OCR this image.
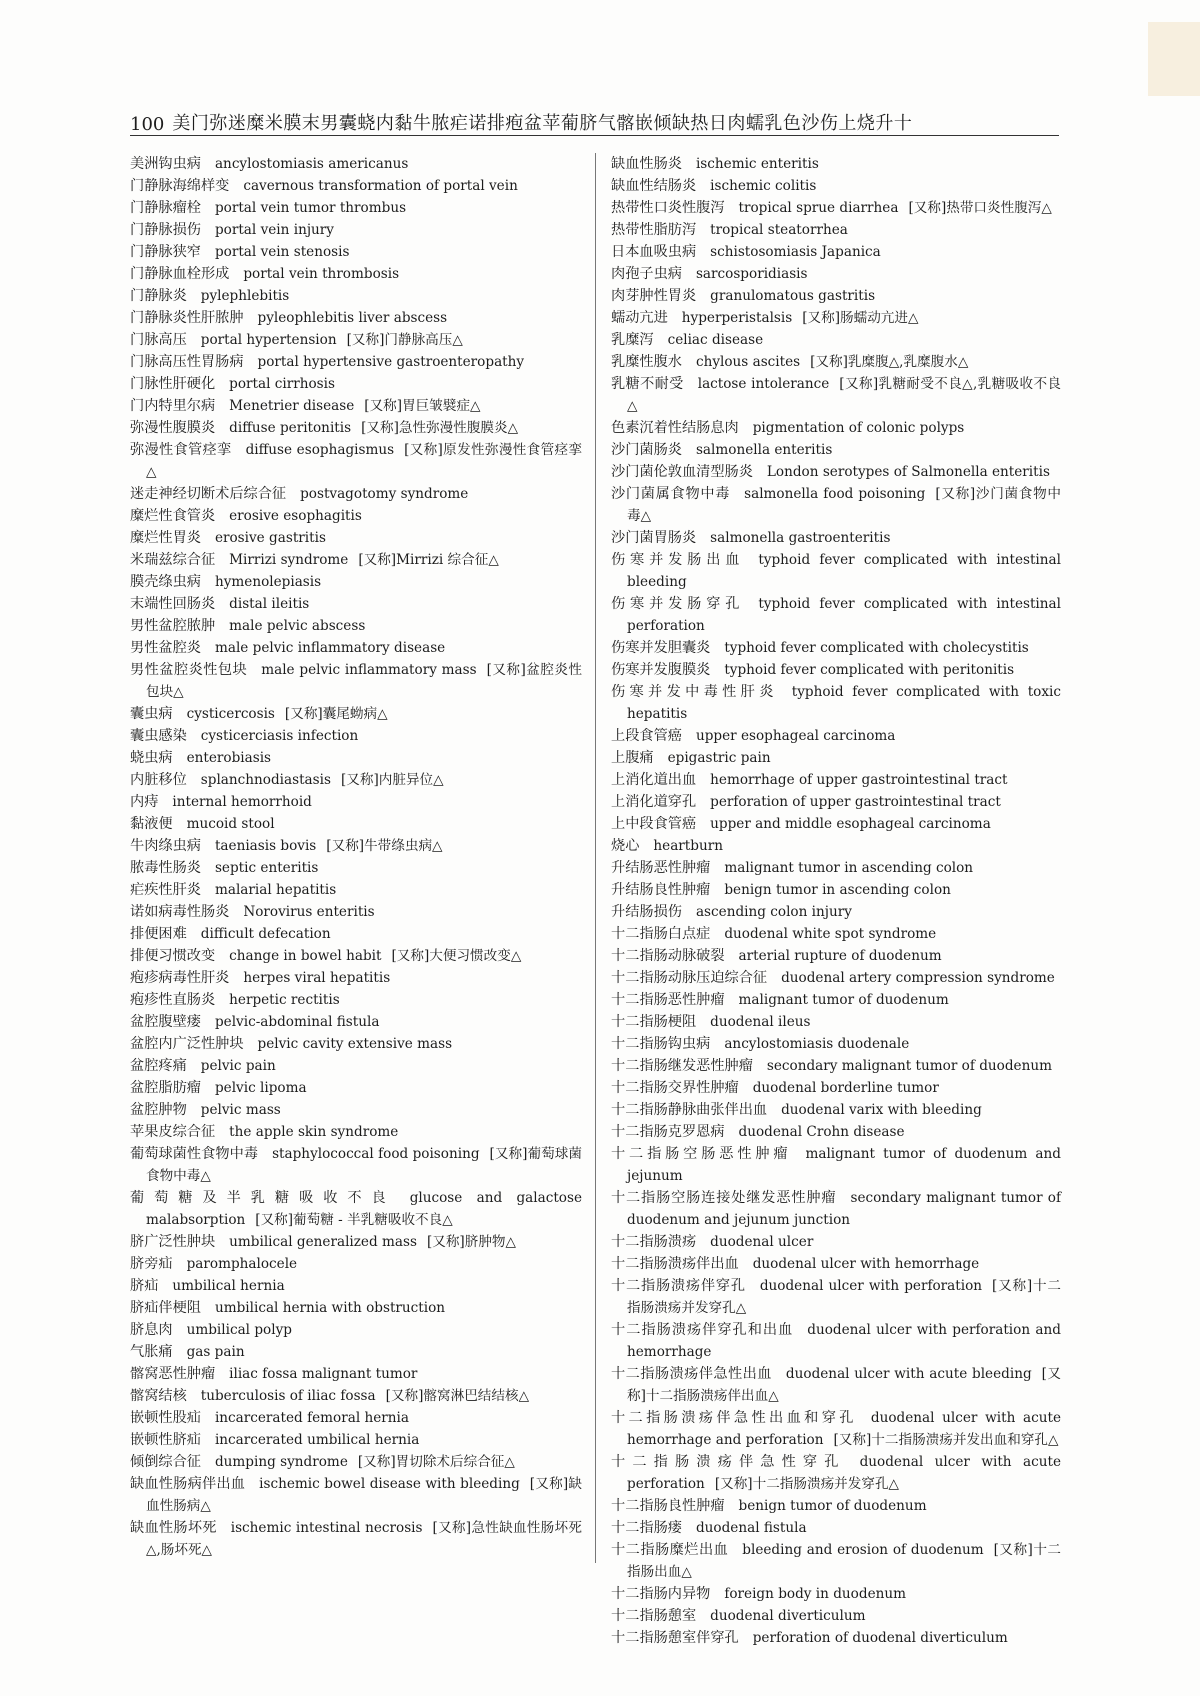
100 美门弥迷糜米膜末男囊蛲内黏牛脓疟诺排疱盆苹葡脐气髂嵌倾缺热日肉蠕乳色沙伤上烧升十
美洲钩虫病 ancylostomiasis americanus
门静脉海绵样变 cavernous transformation of portal vein
门静脉瘤栓 portal vein tumor thrombus
门静脉损伤 portal vein injury
门静脉狭窄 portal vein stenosis
门静脉血栓形成 portal vein thrombosis
门静脉炎 pylephlebitis
门静脉炎性肝脓肿 pyleophlebitis liver abscess
门脉高压 portal hypertension [又称]门静脉高压△
门脉高压性胃肠病 portal hypertensive gastroenteropathy
门脉性肝硬化 portal cirrhosis
门内特里尔病 Menetrier disease [又称]胃巨皱襞症△
弥漫性腹膜炎 diffuse peritonitis [又称]急性弥漫性腹膜炎△
弥漫性食管痉挛 diffuse esophagismus [又称]原发性弥漫性食管痉挛△
迷走神经切断术后综合征 postvagotomy syndrome
糜烂性食管炎 erosive esophagitis
糜烂性胃炎 erosive gastritis
米瑞兹综合征 Mirrizi syndrome [又称]Mirrizi 综合征△
膜壳绦虫病 hymenolepiasis
末端性回肠炎 distal ileitis
男性盆腔脓肿 male pelvic abscess
男性盆腔炎 male pelvic inflammatory disease
男性盆腔炎性包块 male pelvic inflammatory mass [又称]盆腔炎性包块△
囊虫病 cysticercosis [又称]囊尾蚴病△
囊虫感染 cysticerciasis infection
蛲虫病 enterobiasis
内脏移位 splanchnodiastasis [又称]内脏异位△
内痔 internal hemorrhoid
黏液便 mucoid stool
牛肉绦虫病 taeniasis bovis [又称]牛带绦虫病△
脓毒性肠炎 septic enteritis
疟疾性肝炎 malarial hepatitis
诺如病毒性肠炎 Norovirus enteritis
排便困难 difficult defecation
排便习惯改变 change in bowel habit [又称]大便习惯改变△
疱疹病毒性肝炎 herpes viral hepatitis
疱疹性直肠炎 herpetic rectitis
盆腔腹壁瘘 pelvic-abdominal fistula
盆腔内广泛性肿块 pelvic cavity extensive mass
盆腔疼痛 pelvic pain
盆腔脂肪瘤 pelvic lipoma
盆腔肿物 pelvic mass
苹果皮综合征 the apple skin syndrome
葡萄球菌性食物中毒 staphylococcal food poisoning [又称]葡萄球菌食物中毒△
葡萄糖及半乳糖吸收不良 glucose and galactose malabsorption [又称]葡萄糖 - 半乳糖吸收不良△
脐广泛性肿块 umbilical generalized mass [又称]脐肿物△
脐旁疝 paromphalocele
脐疝 umbilical hernia
脐疝伴梗阻 umbilical hernia with obstruction
脐息肉 umbilical polyp
气胀痛 gas pain
髂窝恶性肿瘤 iliac fossa malignant tumor
髂窝结核 tuberculosis of iliac fossa [又称]髂窝淋巴结结核△
嵌顿性股疝 incarcerated femoral hernia
嵌顿性脐疝 incarcerated umbilical hernia
倾倒综合征 dumping syndrome [又称]胃切除术后综合征△
缺血性肠病伴出血 ischemic bowel disease with bleeding [又称]缺血性肠病△
缺血性肠坏死 ischemic intestinal necrosis [又称]急性缺血性肠坏死△,肠坏死△
缺血性肠炎 ischemic enteritis
缺血性结肠炎 ischemic colitis
热带性口炎性腹泻 tropical sprue diarrhea [又称]热带口炎性腹泻△
热带性脂肪泻 tropical steatorrhea
日本血吸虫病 schistosomiasis Japanica
肉孢子虫病 sarcosporidiasis
肉芽肿性胃炎 granulomatous gastritis
蠕动亢进 hyperperistalsis [又称]肠蠕动亢进△
乳糜泻 celiac disease
乳糜性腹水 chylous ascites [又称]乳糜腹△,乳糜腹水△
乳糖不耐受 lactose intolerance [又称]乳糖耐受不良△,乳糖吸收不良△
色素沉着性结肠息肉 pigmentation of colonic polyps
沙门菌肠炎 salmonella enteritis
沙门菌伦敦血清型肠炎 London serotypes of Salmonella enteritis
沙门菌属食物中毒 salmonella food poisoning [又称]沙门菌食物中毒△
沙门菌胃肠炎 salmonella gastroenteritis
伤寒并发肠出血 typhoid fever complicated with intestinal bleeding
伤寒并发肠穿孔 typhoid fever complicated with intestinal perforation
伤寒并发胆囊炎 typhoid fever complicated with cholecystitis
伤寒并发腹膜炎 typhoid fever complicated with peritonitis
伤寒并发中毒性肝炎 typhoid fever complicated with toxic hepatitis
上段食管癌 upper esophageal carcinoma
上腹痛 epigastric pain
上消化道出血 hemorrhage of upper gastrointestinal tract
上消化道穿孔 perforation of upper gastrointestinal tract
上中段食管癌 upper and middle esophageal carcinoma
烧心 heartburn
升结肠恶性肿瘤 malignant tumor in ascending colon
升结肠良性肿瘤 benign tumor in ascending colon
升结肠损伤 ascending colon injury
十二指肠白点症 duodenal white spot syndrome
十二指肠动脉破裂 arterial rupture of duodenum
十二指肠动脉压迫综合征 duodenal artery compression syndrome
十二指肠恶性肿瘤 malignant tumor of duodenum
十二指肠梗阻 duodenal ileus
十二指肠钩虫病 ancylostomiasis duodenale
十二指肠继发恶性肿瘤 secondary malignant tumor of duodenum
十二指肠交界性肿瘤 duodenal borderline tumor
十二指肠静脉曲张伴出血 duodenal varix with bleeding
十二指肠克罗恩病 duodenal Crohn disease
十二指肠空肠恶性肿瘤 malignant tumor of duodenum and jejunum
十二指肠空肠连接处继发恶性肿瘤 secondary malignant tumor of duodenum and jejunum junction
十二指肠溃疡 duodenal ulcer
十二指肠溃疡伴出血 duodenal ulcer with hemorrhage
十二指肠溃疡伴穿孔 duodenal ulcer with perforation [又称]十二指肠溃疡并发穿孔△
十二指肠溃疡伴穿孔和出血 duodenal ulcer with perforation and hemorrhage
十二指肠溃疡伴急性出血 duodenal ulcer with acute bleeding [又称]十二指肠溃疡伴出血△
十二指肠溃疡伴急性出血和穿孔 duodenal ulcer with acute hemorrhage and perforation [又称]十二指肠溃疡并发出血和穿孔△
十二指肠溃疡伴急性穿孔 duodenal ulcer with acute perforation [又称]十二指肠溃疡并发穿孔△
十二指肠良性肿瘤 benign tumor of duodenum
十二指肠瘘 duodenal fistula
十二指肠糜烂出血 bleeding and erosion of duodenum [又称]十二指肠出血△
十二指肠内异物 foreign body in duodenum
十二指肠憩室 duodenal diverticulum
十二指肠憩室伴穿孔 perforation of duodenal diverticulum
